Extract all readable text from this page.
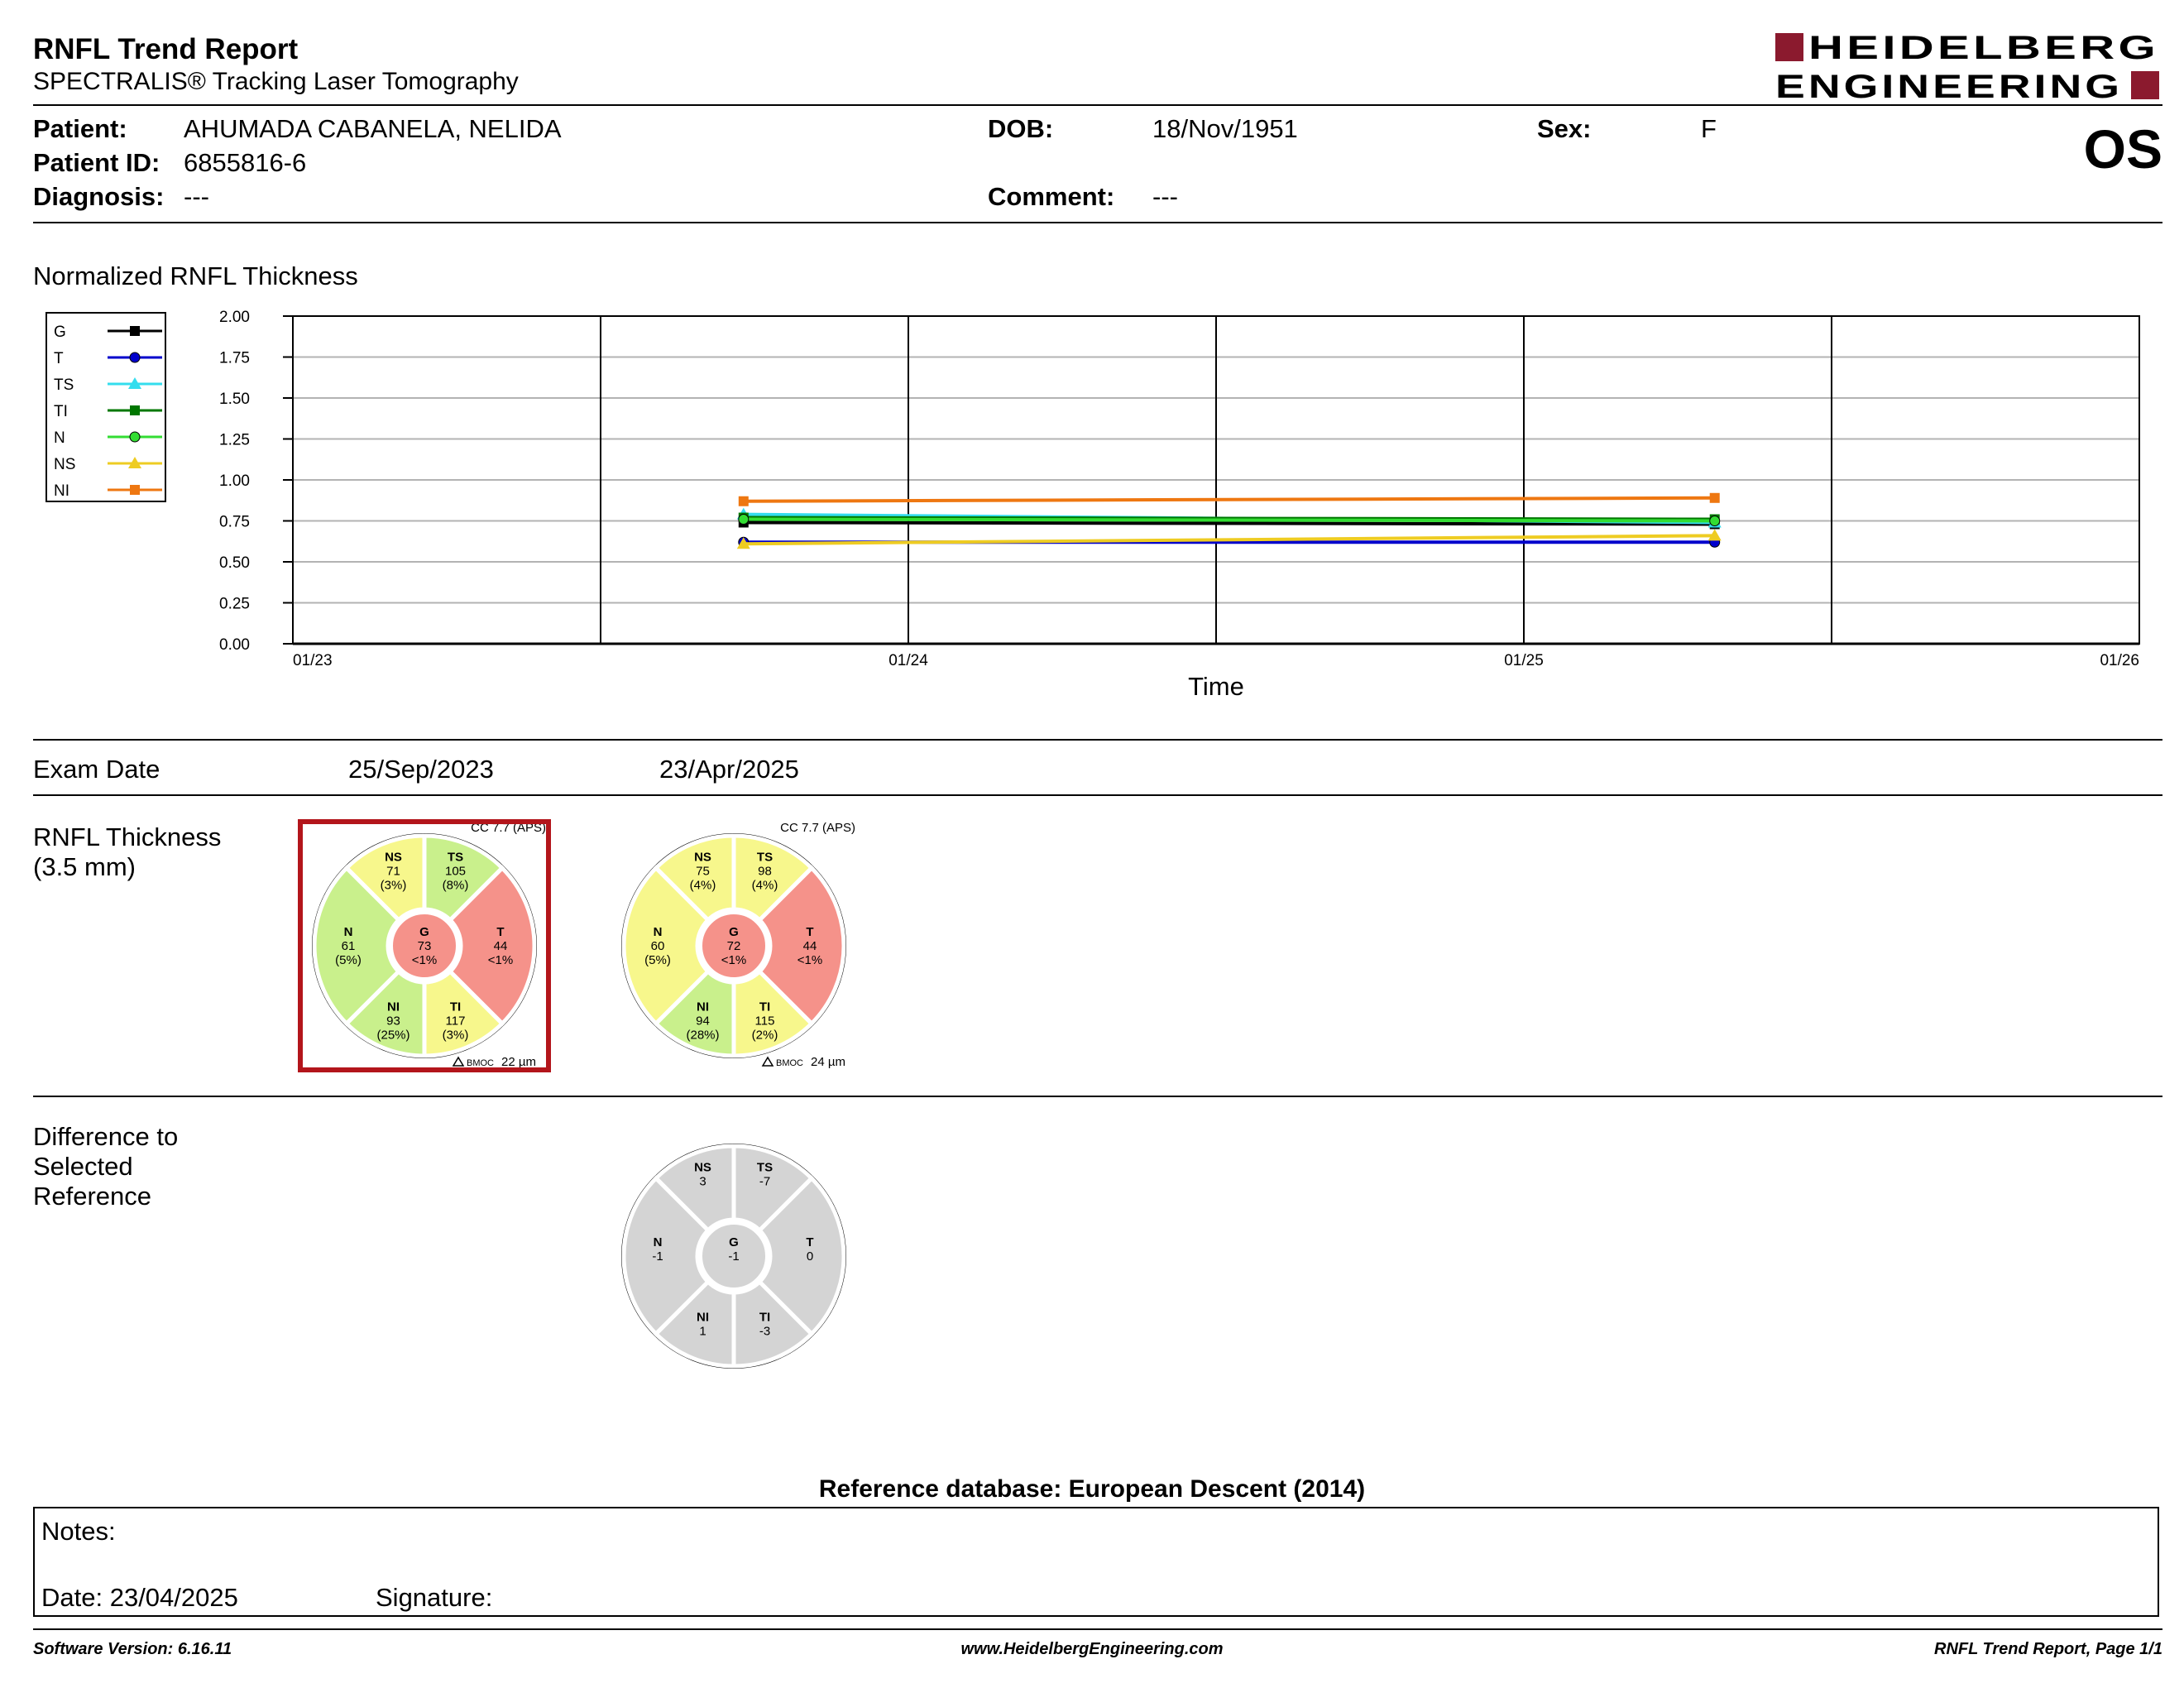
RNFL Trend Report
SPECTRALIS® Tracking Laser Tomography
HEIDELBERG
ENGINEERING
Patient: AHUMADA CABANELA, NELIDA
Patient ID: 6855816-6
Diagnosis: ---
DOB:	18/Nov/1951
Comment: ---
Sex:	F	OS
Normalized RNFL Thickness
G
T
TS
TI
N
NS
NI
0.00
0.25
0.50
0.75
1.00
1.25
1.50
1.75
2.00
01/23	01/24	01/25	01/26
Time
Exam Date	25/Sep/2023	23/Apr/2025
RNFL Thickness
(3.5 mm)
T
44
<1%
TS
105
(8%)
NS
71
(3%)
N
61
(5%)
NI
93
(25%)
TI
117
(3%)
G
73
<1%
CC 7.7 (APS)
BMOC 22 µm
T
44
<1%
TS
98
(4%)
NS
75
(4%)
N
60
(5%)
NI
94
(28%)
TI
115
(2%)
G
72
<1%
CC 7.7 (APS)
BMOC 24 µm
Difference to
Selected
Reference
T
0
TS
-7
NS
3
N
-1
NI
1
TI
-3
G
-1
Reference database: European Descent (2014)
Notes:
Date: 23/04/2025	Signature:
Software Version: 6.16.11	www.HeidelbergEngineering.com	RNFL Trend Report, Page 1/1
